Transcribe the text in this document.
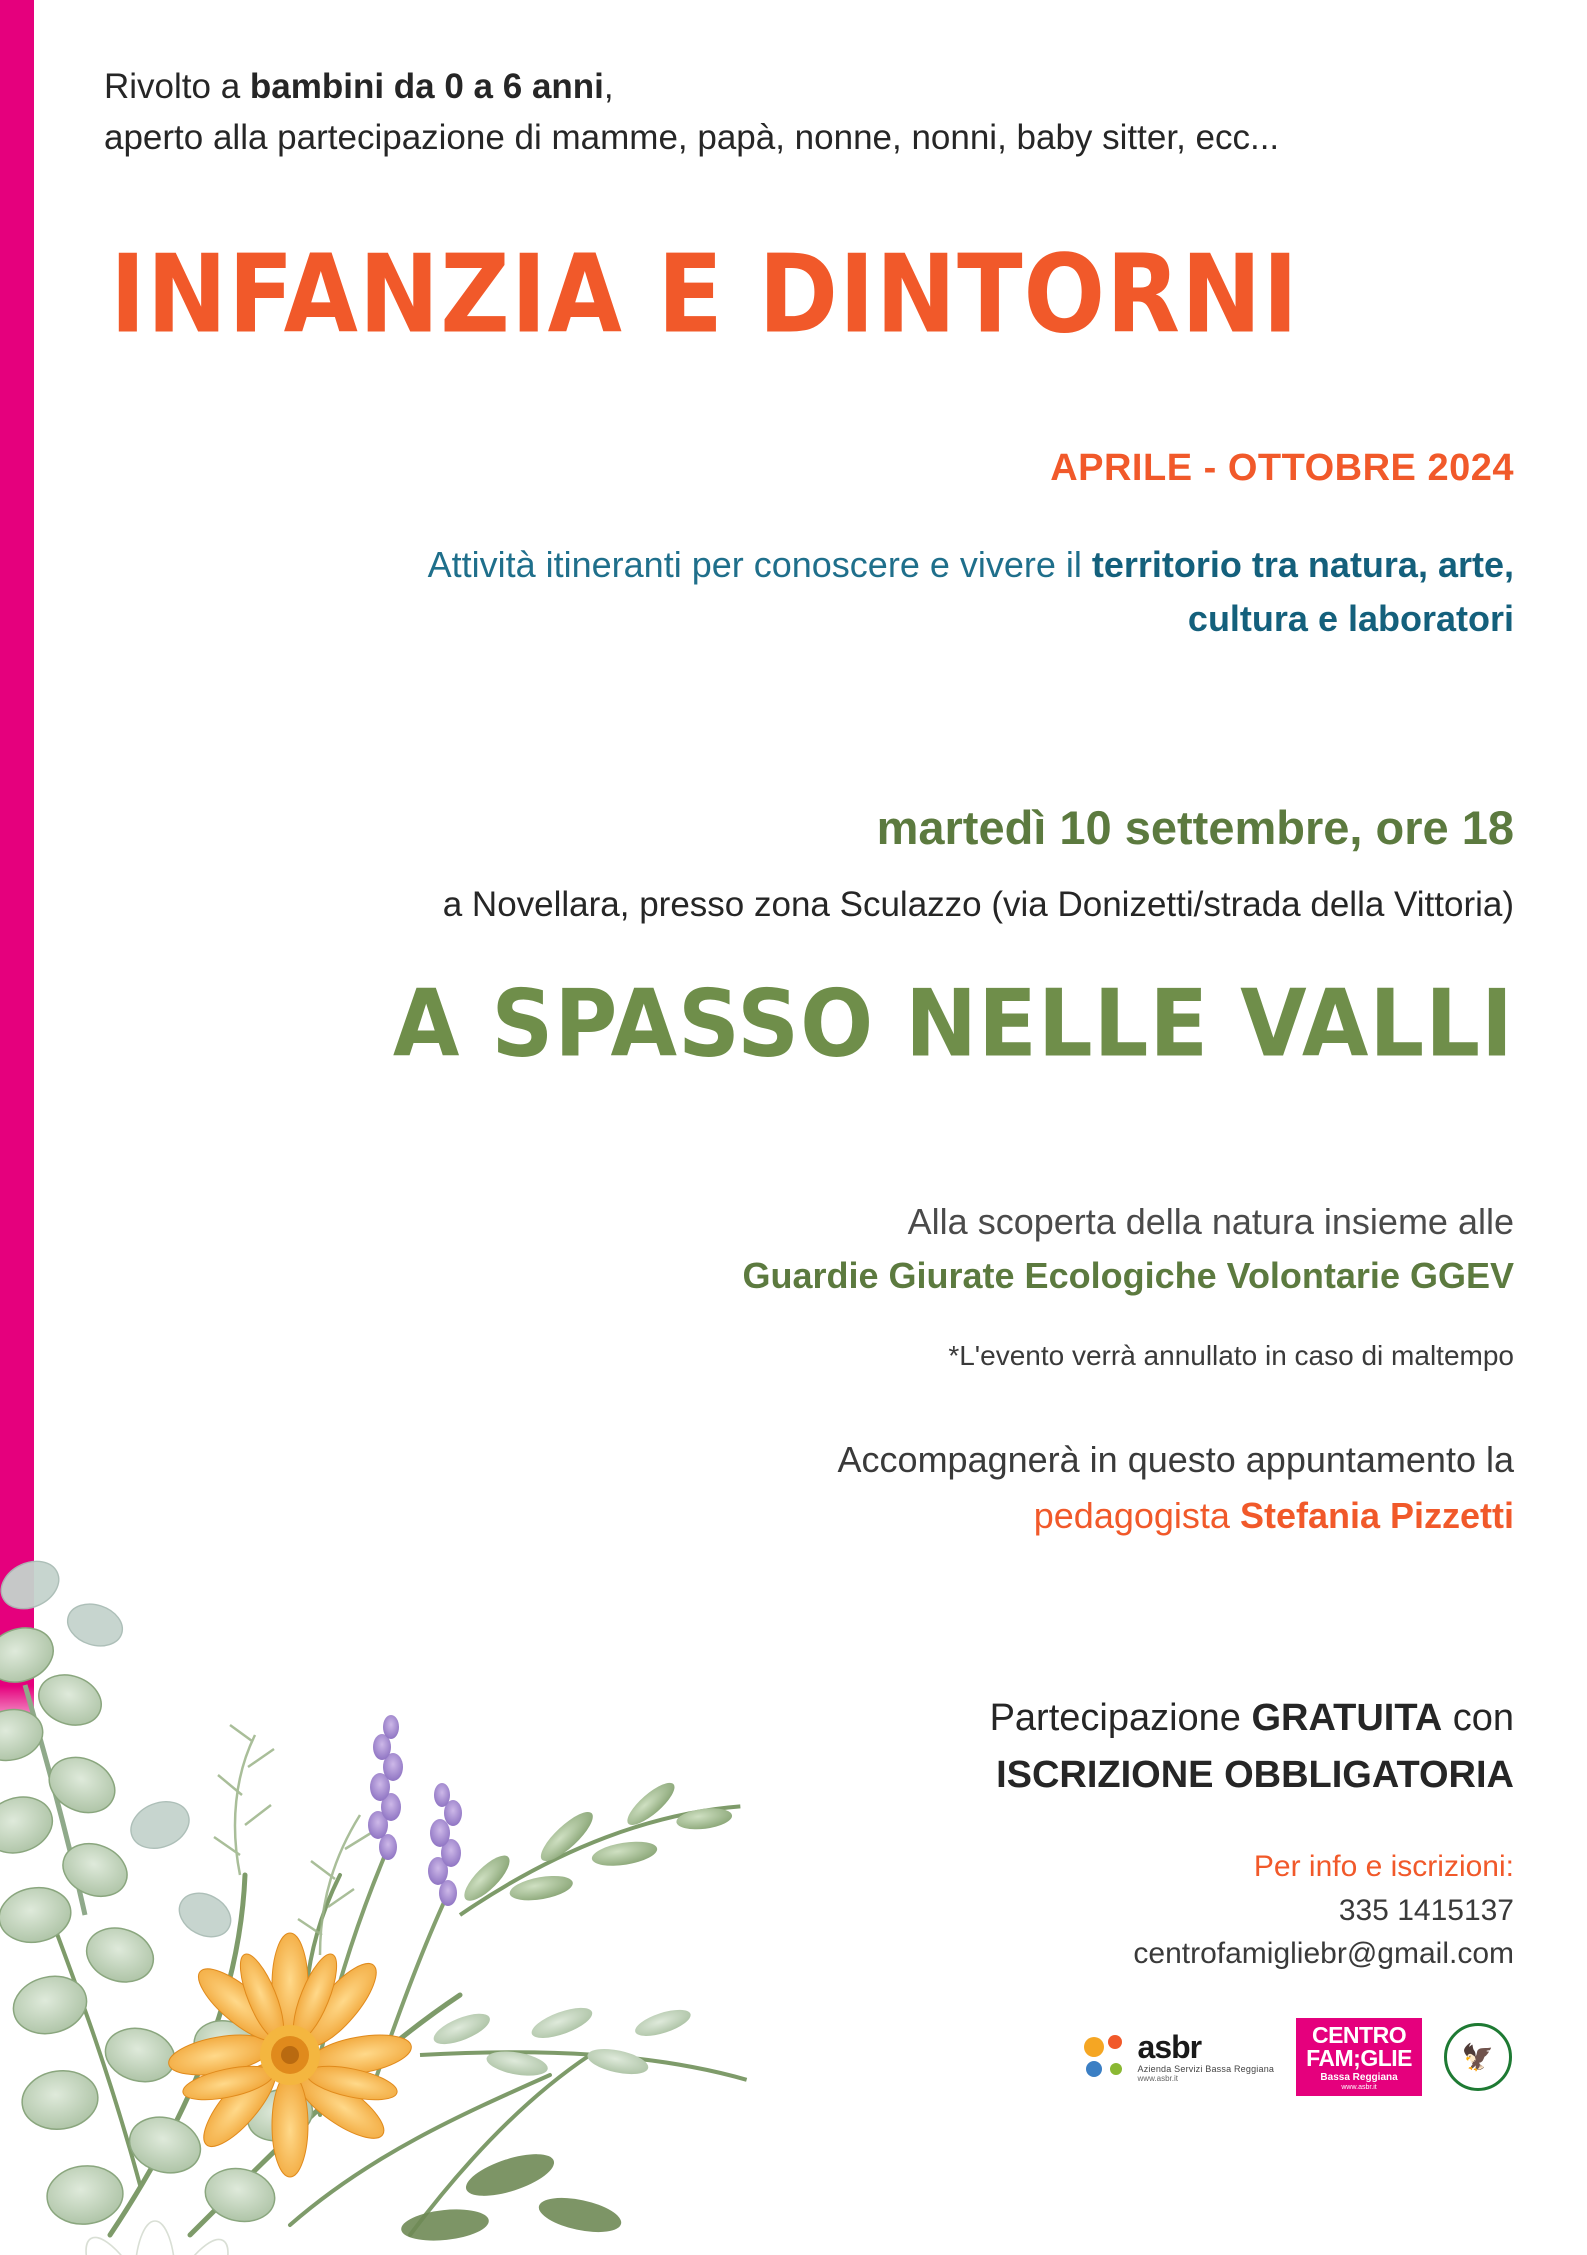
Rivolto a bambini da 0 a 6 anni,
aperto alla partecipazione di mamme, papà, nonne, nonni, baby sitter, ecc...
INFANZIA E DINTORNI
APRILE - OTTOBRE 2024
Attività itineranti per conoscere e vivere il territorio tra natura, arte, cultura e laboratori
martedì 10 settembre, ore 18
a Novellara, presso zona Sculazzo (via Donizetti/strada della Vittoria)
A SPASSO NELLE VALLI
Alla scoperta della natura insieme alle
Guardie Giurate Ecologiche Volontarie GGEV
*L'evento verrà annullato in caso di maltempo
Accompagnerà in questo appuntamento la
pedagogista Stefania Pizzetti
Partecipazione GRATUITA con
ISCRIZIONE OBBLIGATORIA
Per info e iscrizioni:
335 1415137
centrofamigliebr@gmail.com
asbr
Azienda Servizi Bassa Reggiana
www.asbr.it
CENTRO
FAM;GLIE
Bassa Reggiana
www.asbr.it
🦅
